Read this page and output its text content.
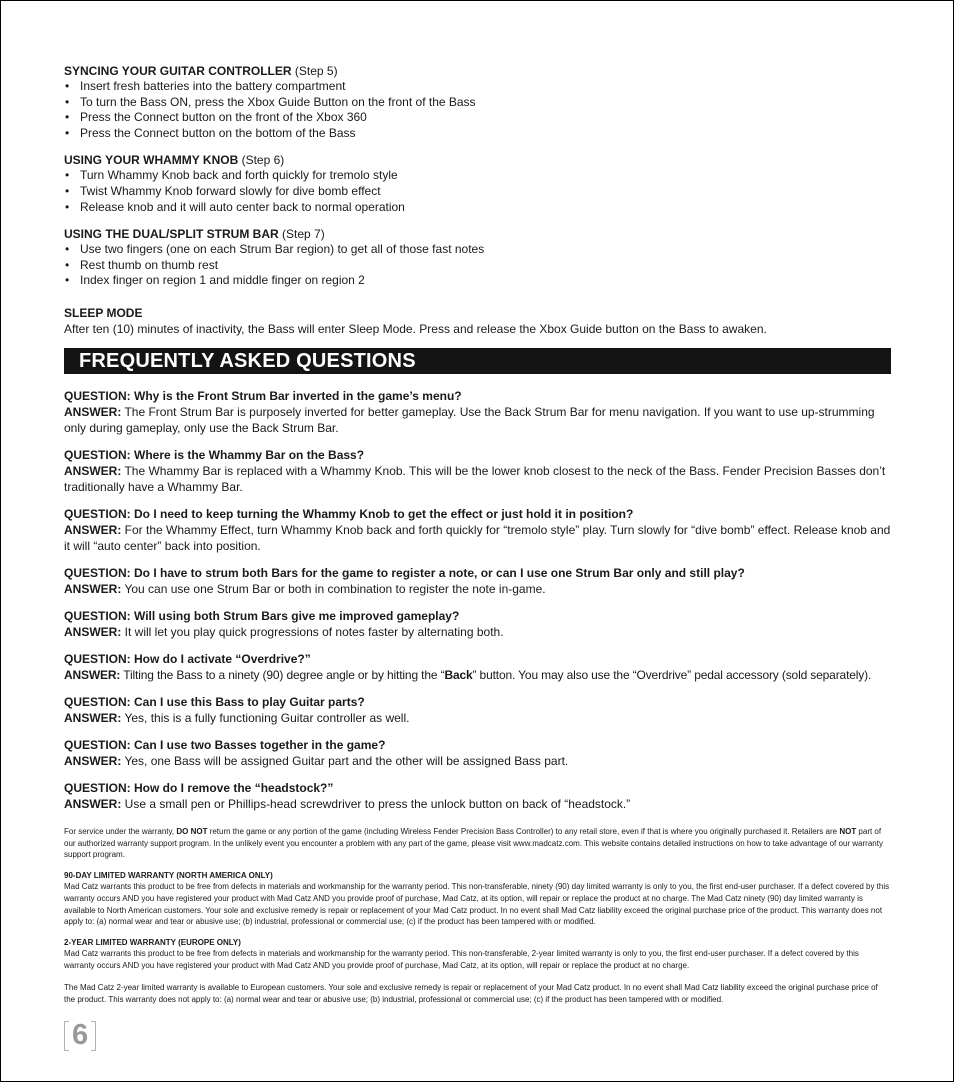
SYNCING YOUR GUITAR CONTROLLER (Step 5)
• Insert fresh batteries into the battery compartment
• To turn the Bass ON, press the Xbox Guide Button on the front of the Bass
• Press the Connect button on the front of the Xbox 360
• Press the Connect button on the bottom of the Bass
USING YOUR WHAMMY KNOB (Step 6)
• Turn Whammy Knob back and forth quickly for tremolo style
• Twist Whammy Knob forward slowly for dive bomb effect
• Release knob and it will auto center back to normal operation
USING THE DUAL/SPLIT STRUM BAR (Step 7)
• Use two fingers (one on each Strum Bar region) to get all of those fast notes
• Rest thumb on thumb rest
• Index finger on region 1 and middle finger on region 2
SLEEP MODE

After ten (10) minutes of inactivity, the Bass will enter Sleep Mode. Press and release the Xbox Guide button on the Bass to awaken.

FREQUENTLY ASKED QUESTIONS
QUESTION: Why is the Front Strum Bar inverted in the game’s menu?
ANSWER: The Front Strum Bar is purposely inverted for better gameplay. Use the Back Strum Bar for menu navigation. If you want to use up-strumming only during gameplay, only use the Back Strum Bar.
QUESTION: Where is the Whammy Bar on the Bass?
ANSWER: The Whammy Bar is replaced with a Whammy Knob. This will be the lower knob closest to the neck of the Bass. Fender Precision Basses don’t traditionally have a Whammy Bar.
QUESTION: Do I need to keep turning the Whammy Knob to get the effect or just hold it in position?
ANSWER: For the Whammy Effect, turn Whammy Knob back and forth quickly for “tremolo style” play. Turn slowly for “dive bomb” effect. Release knob and it will “auto center” back into position.
QUESTION: Do I have to strum both Bars for the game to register a note, or can I use one Strum Bar only and still play?
ANSWER: You can use one Strum Bar or both in combination to register the note in-game.
QUESTION: Will using both Strum Bars give me improved gameplay?
ANSWER: It will let you play quick progressions of notes faster by alternating both.
QUESTION: How do I activate “Overdrive?”
ANSWER: Tilting the Bass to a ninety (90) degree angle or by hitting the “Back” button. You may also use the “Overdrive” pedal accessory (sold separately).
QUESTION: Can I use this Bass to play Guitar parts?
ANSWER: Yes, this is a fully functioning Guitar controller as well.
QUESTION: Can I use two Basses together in the game?
ANSWER: Yes, one Bass will be assigned Guitar part and the other will be assigned Bass part.
QUESTION: How do I remove the “headstock?”
ANSWER: Use a small pen or Phillips-head screwdriver to press the unlock button on back of “headstock.”

For service under the warranty, DO NOT return the game or any portion of the game (including Wireless Fender Precision Bass Controller) to any retail store, even if that is where you originally purchased it. Retailers are NOT part of our authorized warranty support program. In the unlikely event you encounter a problem with any part of the game, please visit www.madcatz.com. This website contains detailed instructions on how to take advantage of our warranty support program.

90-DAY LIMITED WARRANTY (NORTH AMERICA ONLY)

Mad Catz warrants this product to be free from defects in materials and workmanship for the warranty period. This non-transferable, ninety (90) day limited warranty is only to you, the first end-user purchaser. If a defect covered by this warranty occurs AND you have registered your product with Mad Catz AND you provide proof of purchase, Mad Catz, at its option, will repair or replace the product at no charge. The Mad Catz ninety (90) day limited warranty is available to North American customers. Your sole and exclusive remedy is repair or replacement of your Mad Catz product. In no event shall Mad Catz liability exceed the original purchase price of the product. This warranty does not apply to: (a) normal wear and tear or abusive use; (b) industrial, professional or commercial use; (c) if the product has been tampered with or modified.

2-YEAR LIMITED WARRANTY (EUROPE ONLY)

Mad Catz warrants this product to be free from defects in materials and workmanship for the warranty period. This non-transferable, 2-year limited warranty is only to you, the first end-user purchaser. If a defect covered by this warranty occurs AND you have registered your product with Mad Catz AND you provide proof of purchase, Mad Catz, at its option, will repair or replace the product at no charge.

The Mad Catz 2-year limited warranty is available to European customers. Your sole and exclusive remedy is repair or replacement of your Mad Catz product. In no event shall Mad Catz liability exceed the original purchase price of the product. This warranty does not apply to: (a) normal wear and tear or abusive use; (b) industrial, professional or commercial use; (c) if the product has been tampered with or modified.

6
